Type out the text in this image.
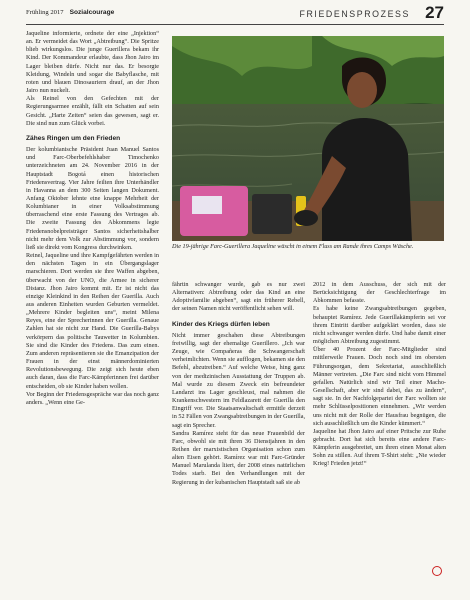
Frühling 2017 Sozialcourage	FRIEDENSPROZESS 27

Jaqueline informierte, ordnete der eine „Injektion“ an. Er vermeidet das Wort „Abtreibung“. Die Spritze blieb wirkungslos. Die junge Guerillera bekam ihr Kind. Der Kommandeur erlaubte, dass Jhon Jairo im Lager bleiben dürfe. Nicht nur das. Er besorgte Kleidung, Windeln und sogar die Babyflasche, mit roten und blauen Dinosauriern drauf, an der Jhon Jairo nun nuckelt.

Als Reinel von den Gefechten mit der Regierungsarmee erzählt, fällt ein Schatten auf sein Gesicht. „Harte Zeiten“ seien das gewesen, sagt er. Die sind nun zum Glück vorbei.

Zähes Ringen um den Frieden

Der kolumbianische Präsident Juan Manuel Santos und Farc-Oberbefehlshaber Timochenko unterzeichneten am 24. November 2016 in der Hauptstadt Bogotá einen historischen Friedensvertrag. Vier Jahre feilten ihre Unterhändler in Havanna an dem 300 Seiten langen Dokument. Anfang Oktober lehnte eine knappe Mehrheit der Kolumbianer in einer Volksabstimmung überraschend eine erste Fassung des Vertrages ab. Die zweite Fassung des Abkommens legte Friedensnobelpreisträger Santos sicherheitshalber nicht mehr dem Volk zur Abstimmung vor, sondern ließ sie direkt vom Kongress durchwinken.

Reinel, Jaqueline und ihre Kampfgefährten werden in den nächsten Tagen in ein Übergangslager marschieren. Dort werden sie ihre Waffen abgeben, überwacht von der UNO, die Armee in sicherer Distanz. Jhon Jairo kommt mit. Er ist nicht das einzige Kleinkind in den Reihen der Guerilla. Auch aus anderen Einheiten wurden Geburten vermeldet. „Mehrere Kinder begleiten uns“, meint Milena Reyes, eine der Sprecherinnen der Guerilla. Genaue Zahlen hat sie nicht zur Hand. Die Guerilla-Babys verkörpern das politische Tauwetter in Kolumbien. Sie sind die Kinder des Friedens. Das zum einen. Zum anderen repräsentieren sie die Emanzipation der Frauen in der einst männerdominierten Revolutionsbewegung. Die zeigt sich heute eben auch daran, dass die Farc-Kämpferinnen frei darüber entscheiden, ob sie Kinder haben wollen.

Vor Beginn der Friedensgespräche war das noch ganz anders. „Wenn eine Ge-

Die 19-jährige Farc-Guerillera Jaqueline wäscht in einem Fluss am Rande ihres Camps Wäsche.

fährtin schwanger wurde, gab es nur zwei Alternativen: Abtreibung oder das Kind an eine Adoptivfamilie abgeben“, sagt ein früherer Rebell, der seinen Namen nicht veröffentlicht sehen will.

Kinder des Kriegs dürfen leben

Nicht immer geschahen diese Abtreibungen freiwillig, sagt der ehemalige Guerillero. „Ich war Zeuge, wie Compañeras die Schwangerschaft verheimlichten. Wenn sie aufflogen, bekamen sie den Befehl, abzutreiben.“ Auf welche Weise, hing ganz von der medizinischen Ausstattung der Truppen ab. Mal wurde zu diesem Zweck ein befreundeter Landarzt ins Lager geschleust, mal nahmen die Krankenschwestern im Feldlazarett der Guerilla den Eingriff vor. Die Staatsanwaltschaft ermittle derzeit in 52 Fällen von Zwangsabtreibungen in der Guerilla, sagt ein Sprecher.

Sandra Ramírez steht für das neue Frauenbild der Farc, obwohl sie mit ihren 36 Dienstjahren in den Reihen der marxistischen Organisation schon zum alten Eisen gehört. Ramírez war mit Farc-Gründer Manuel Marulanda liiert, der 2008 eines natürlichen Todes starb. Bei den Verhandlungen mit der Regierung in der kubanischen Hauptstadt saß sie ab

2012 in dem Ausschuss, der sich mit der Berücksichtigung der Geschlechterfrage im Abkommen befasste.

Es habe keine Zwangsabtreibungen gegeben, behauptet Ramírez. Jede Guerillakämpferin sei vor ihrem Eintritt darüber aufgeklärt worden, dass sie nicht schwanger werden dürfe. Und habe damit einer möglichen Abtreibung zugestimmt.

Über 40 Prozent der Farc-Mitglieder sind mittlerweile Frauen. Doch noch sind im obersten Führungsorgan, dem Sekretariat, ausschließlich Männer vertreten. „Die Farc sind nicht vom Himmel gefallen. Natürlich sind wir Teil einer Macho-Gesellschaft, aber wir sind dabei, das zu ändern“, sagt sie. In der Nachfolgepartei der Farc wollten sie mehr Schlüsselpositionen einnehmen. „Wir werden uns nicht mit der Rolle der Hausfrau begnügen, die sich ausschließlich um die Kinder kümmert.“

Jaqueline hat Jhon Jairo auf einer Pritsche zur Ruhe gebracht. Dort hat sich bereits eine andere Farc-Kämpferin ausgebreitet, um ihren einen Monat alten Sohn zu stillen. Auf ihrem T-Shirt steht: „Nie wieder Krieg! Frieden jetzt!“
